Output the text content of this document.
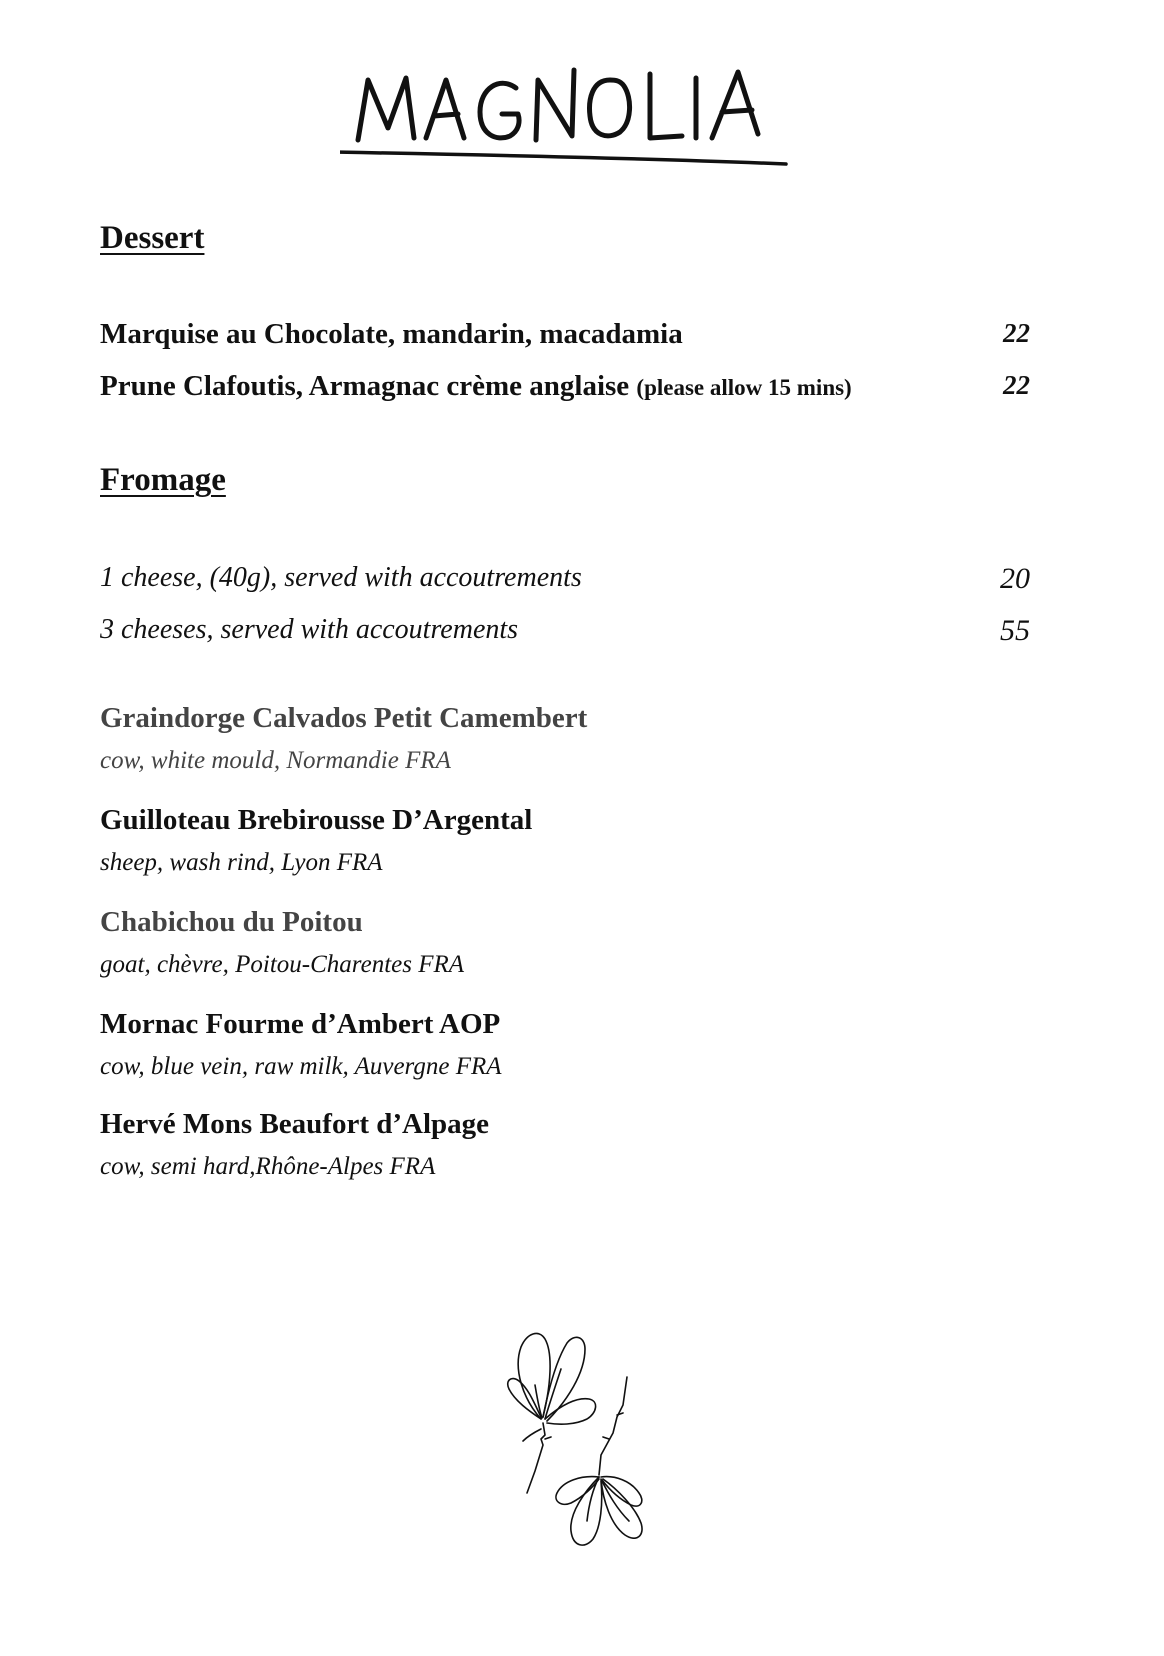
Dessert
Marquise au Chocolate, mandarin, macadamia	22
Prune Clafoutis, Armagnac crème anglaise (please allow 15 mins)	22
Fromage
1 cheese, (40g), served with accoutrements	20
3 cheeses, served with accoutrements	55
Graindorge Calvados Petit Camembert
cow, white mould, Normandie FRA
Guilloteau Brebirousse D’Argental
sheep, wash rind, Lyon FRA
Chabichou du Poitou
goat, chèvre, Poitou-Charentes FRA
Mornac Fourme d’Ambert AOP
cow, blue vein, raw milk, Auvergne FRA
Hervé Mons Beaufort d’Alpage
cow, semi hard,Rhône-Alpes FRA
